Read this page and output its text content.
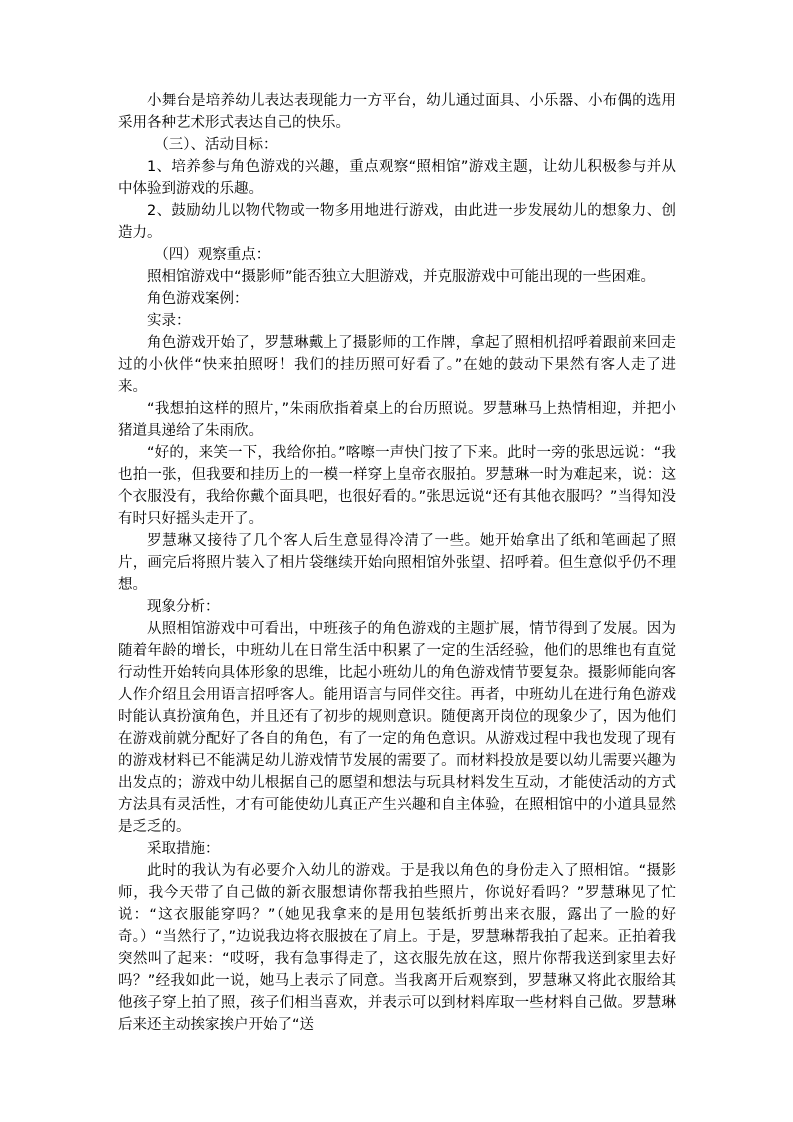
小舞台是培养幼儿表达表现能力一方平台，幼儿通过面具、小乐器、小布偶的选用采用各种艺术形式表达自己的快乐。

（三）、活动目标：

1、培养参与角色游戏的兴趣，重点观察“照相馆”游戏主题，让幼儿积极参与并从中体验到游戏的乐趣。

2、鼓励幼儿以物代物或一物多用地进行游戏，由此进一步发展幼儿的想象力、创造力。

（四）观察重点：

照相馆游戏中“摄影师”能否独立大胆游戏，并克服游戏中可能出现的一些困难。

角色游戏案例：

实录：

角色游戏开始了，罗慧琳戴上了摄影师的工作牌，拿起了照相机招呼着跟前来回走过的小伙伴“快来拍照呀！我们的挂历照可好看了。”在她的鼓动下果然有客人走了进来。

“我想拍这样的照片，”朱雨欣指着桌上的台历照说。罗慧琳马上热情相迎，并把小猪道具递给了朱雨欣。

“好的，来笑一下，我给你拍。”喀嚓一声快门按了下来。此时一旁的张思远说：“我也拍一张，但我要和挂历上的一模一样穿上皇帝衣服拍。罗慧琳一时为难起来，说：这个衣服没有，我给你戴个面具吧，也很好看的。”张思远说“还有其他衣服吗？”当得知没有时只好摇头走开了。

罗慧琳又接待了几个客人后生意显得冷清了一些。她开始拿出了纸和笔画起了照片，画完后将照片装入了相片袋继续开始向照相馆外张望、招呼着。但生意似乎仍不理想。

现象分析：

从照相馆游戏中可看出，中班孩子的角色游戏的主题扩展，情节得到了发展。因为随着年龄的增长，中班幼儿在日常生活中积累了一定的生活经验，他们的思维也有直觉行动性开始转向具体形象的思维，比起小班幼儿的角色游戏情节要复杂。摄影师能向客人作介绍且会用语言招呼客人。能用语言与同伴交往。再者，中班幼儿在进行角色游戏时能认真扮演角色，并且还有了初步的规则意识。随便离开岗位的现象少了，因为他们在游戏前就分配好了各自的角色，有了一定的角色意识。从游戏过程中我也发现了现有的游戏材料已不能满足幼儿游戏情节发展的需要了。而材料投放是要以幼儿需要兴趣为出发点的；游戏中幼儿根据自己的愿望和想法与玩具材料发生互动，才能使活动的方式方法具有灵活性，才有可能使幼儿真正产生兴趣和自主体验，在照相馆中的小道具显然是乏乏的。

采取措施：

此时的我认为有必要介入幼儿的游戏。于是我以角色的身份走入了照相馆。“摄影师，我今天带了自己做的新衣服想请你帮我拍些照片，你说好看吗？”罗慧琳见了忙说：“这衣服能穿吗？”（她见我拿来的是用包装纸折剪出来衣服，露出了一脸的好奇。）“当然行了，”边说我边将衣服披在了肩上。于是，罗慧琳帮我拍了起来。正拍着我突然叫了起来：“哎呀，我有急事得走了，这衣服先放在这，照片你帮我送到家里去好吗？”经我如此一说，她马上表示了同意。当我离开后观察到，罗慧琳又将此衣服给其他孩子穿上拍了照，孩子们相当喜欢，并表示可以到材料库取一些材料自己做。罗慧琳后来还主动挨家挨户开始了“送
